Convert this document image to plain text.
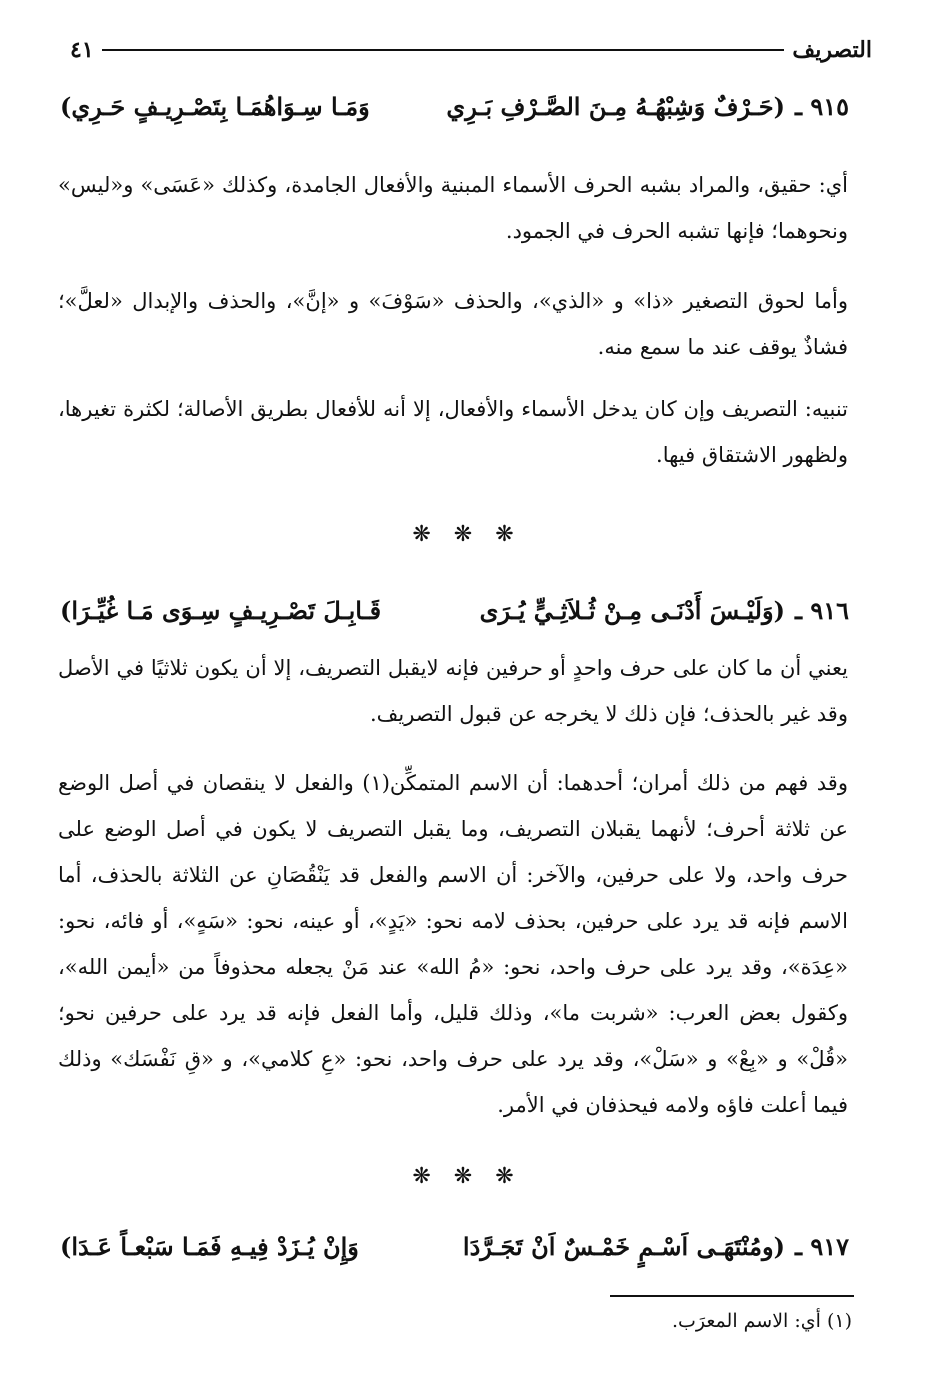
التصريف
٤١
٩١٥ ـ
(حَـرْفٌ وَشِبْهُـهُ مِـنَ الصَّـرْفِ بَـرِي
وَمَـا سِـوَاهُمَـا بِتَصْـرِيـفٍ حَـرِي)
أي: حقيق، والمراد بشبه الحرف الأسماء المبنية والأفعال الجامدة، وكذلك «عَسَى» و«ليس» ونحوهما؛ فإنها تشبه الحرف في الجمود.
وأما لحوق التصغير «ذا» و «الذي»، والحذف «سَوْفَ» و «إنَّ»، والحذف والإبدال «لعلَّ»؛ فشاذٌ يوقف عند ما سمع منه.
تنبيه: التصريف وإن كان يدخل الأسماء والأفعال، إلا أنه للأفعال بطريق الأصالة؛ لكثرة تغيرها، ولظهور الاشتقاق فيها.
❋ ❋ ❋
٩١٦ ـ
(وَلَيْـسَ أَدْنَـى مِـنْ ثُـلاَثِـيٍّ يُـرَى
قَـابِـلَ تَصْـرِيـفٍ سِـوَى مَـا غُيِّـرَا)
يعني أن ما كان على حرف واحدٍ أو حرفين فإنه لايقبل التصريف، إلا أن يكون ثلاثيًا في الأصل وقد غير بالحذف؛ فإن ذلك لا يخرجه عن قبول التصريف.
وقد فهم من ذلك أمران؛ أحدهما: أن الاسم المتمكِّن(١) والفعل لا ينقصان في أصل الوضع عن ثلاثة أحرف؛ لأنهما يقبلان التصريف، وما يقبل التصريف لا يكون في أصل الوضع على حرف واحد، ولا على حرفين، والآخر: أن الاسم والفعل قد يَنْقُصَانِ عن الثلاثة بالحذف، أما الاسم فإنه قد يرد على حرفين، بحذف لامه نحو: «يَدٍ»، أو عينه، نحو: «سَهٍ»، أو فائه، نحو: «عِدَة»، وقد يرد على حرف واحد، نحو: «مُ الله» عند مَنْ يجعله محذوفاً من «أيمن الله»، وكقول بعض العرب: «شربت ما»، وذلك قليل، وأما الفعل فإنه قد يرد على حرفين نحو؛ «قُلْ» و «بِعْ» و «سَلْ»، وقد يرد على حرف واحد، نحو: «عِ كلامي»، و «قِ نَفْسَك» وذلك فيما أعلت فاؤه ولامه فيحذفان في الأمر.
❋ ❋ ❋
٩١٧ ـ
(ومُنْتَهَـى اَسْـمٍ خَمْـسٌ اَنْ تَجَـرَّدَا
وَإِنْ يُـزَدْ فِيـهِ فَمَـا سَبْعـاً عَـدَا)
(١) أي: الاسم المعرَب.
